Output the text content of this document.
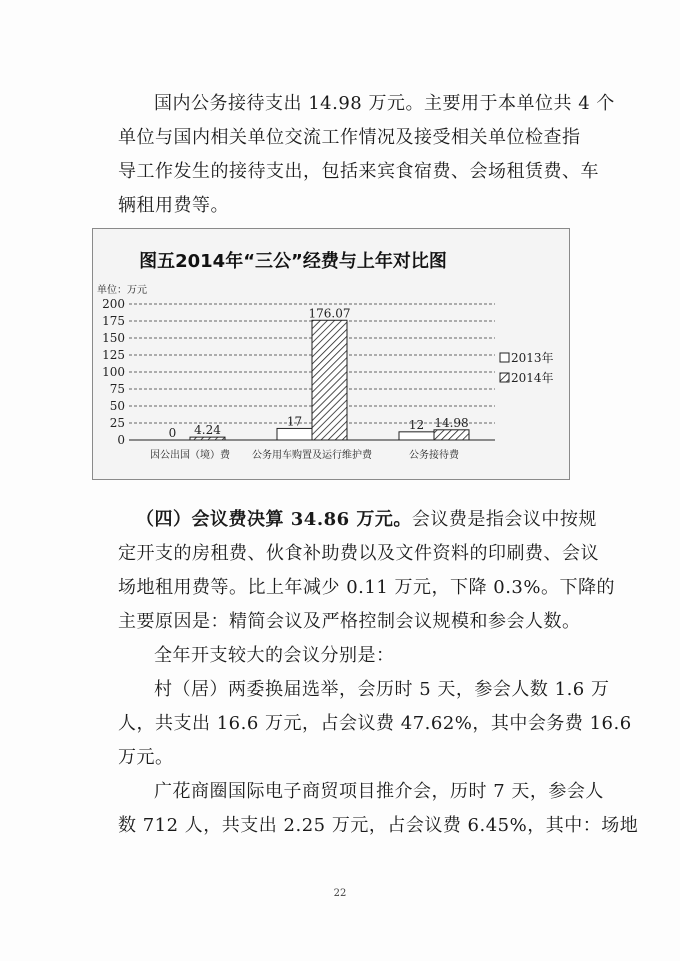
国内公务接待支出 14.98 万元。主要用于本单位共 4 个
单位与国内相关单位交流工作情况及接受相关单位检查指
导工作发生的接待支出，包括来宾食宿费、会场租赁费、车
辆租用费等。
图五2014年“三公”经费与上年对比图
单位：万元
0
25
50
75
100
125
150
175
200
0 4.24
因公出国（境）费
17
176.07
公务用车购置及运行维护费
12 14.98
公务接待费
2013年
2014年
（四）会议费决算 34.86 万元。会议费是指会议中按规
定开支的房租费、伙食补助费以及文件资料的印刷费、会议
场地租用费等。比上年减少 0.11 万元，下降 0.3%。下降的
主要原因是：精简会议及严格控制会议规模和参会人数。
全年开支较大的会议分别是：
村（居）两委换届选举，会历时 5 天，参会人数 1.6 万
人，共支出 16.6 万元，占会议费 47.62%，其中会务费 16.6
万元。
广花商圈国际电子商贸项目推介会，历时 7 天，参会人
数 712 人，共支出 2.25 万元，占会议费 6.45%，其中：场地
22
